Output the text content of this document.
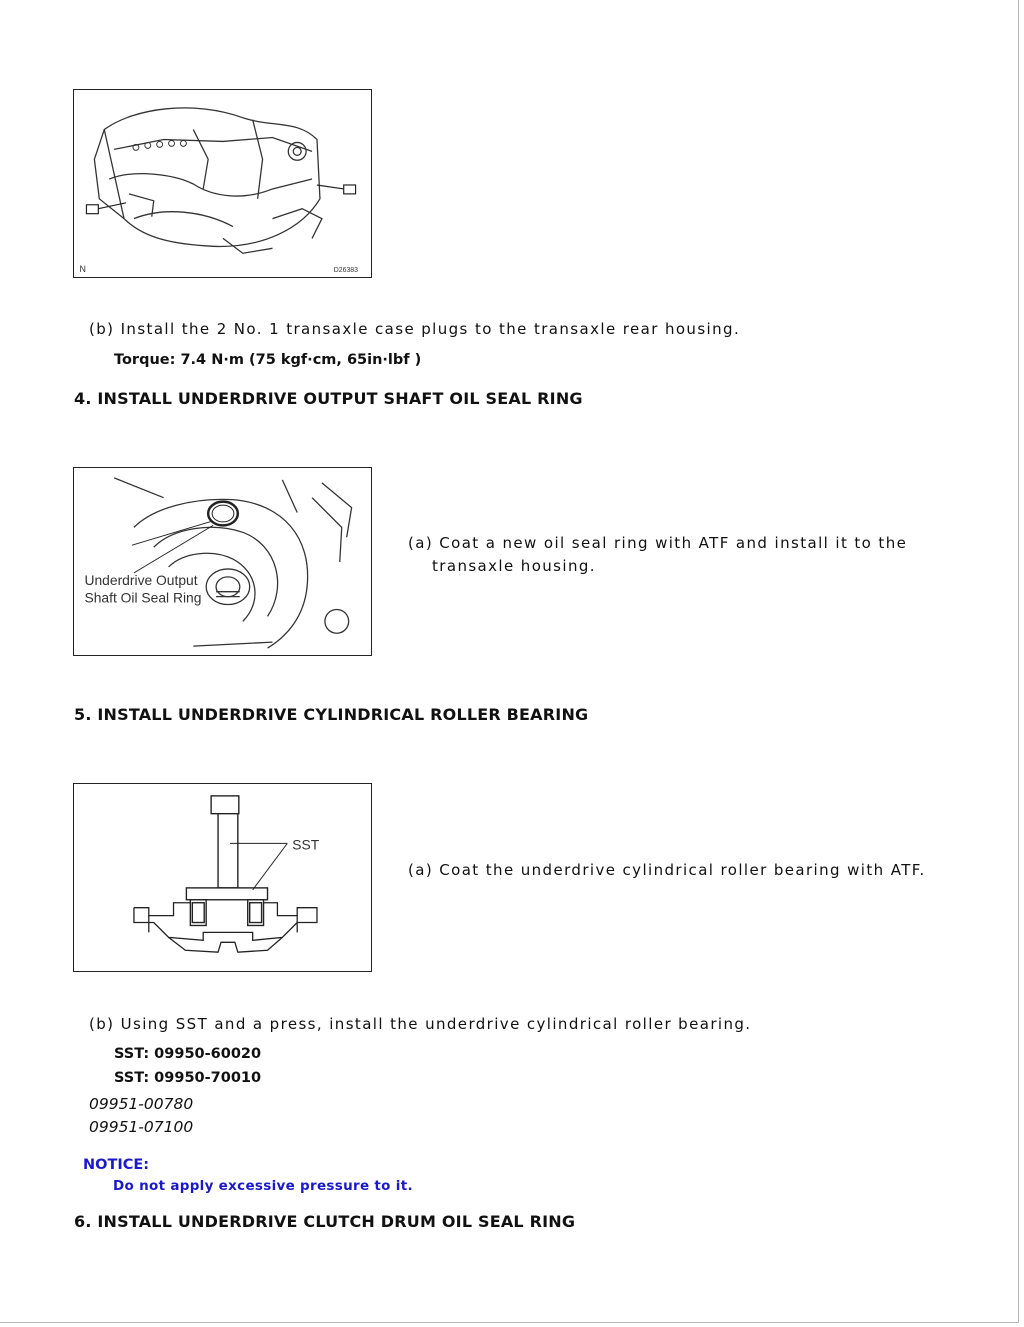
N	D26383
(b) Install the 2 No. 1 transaxle case plugs to the transaxle rear housing.
Torque: 7.4 N·m (75 kgf·cm, 65in·lbf )
4. INSTALL UNDERDRIVE OUTPUT SHAFT OIL SEAL RING
Underdrive Output
Shaft Oil Seal Ring
(a) Coat a new oil seal ring with ATF and install it to the
transaxle housing.
5. INSTALL UNDERDRIVE CYLINDRICAL ROLLER BEARING
SST
(a) Coat the underdrive cylindrical roller bearing with ATF.
(b) Using SST and a press, install the underdrive cylindrical roller bearing.
SST: 09950-60020
SST: 09950-70010
09951-00780
09951-07100
NOTICE:
Do not apply excessive pressure to it.
6. INSTALL UNDERDRIVE CLUTCH DRUM OIL SEAL RING
